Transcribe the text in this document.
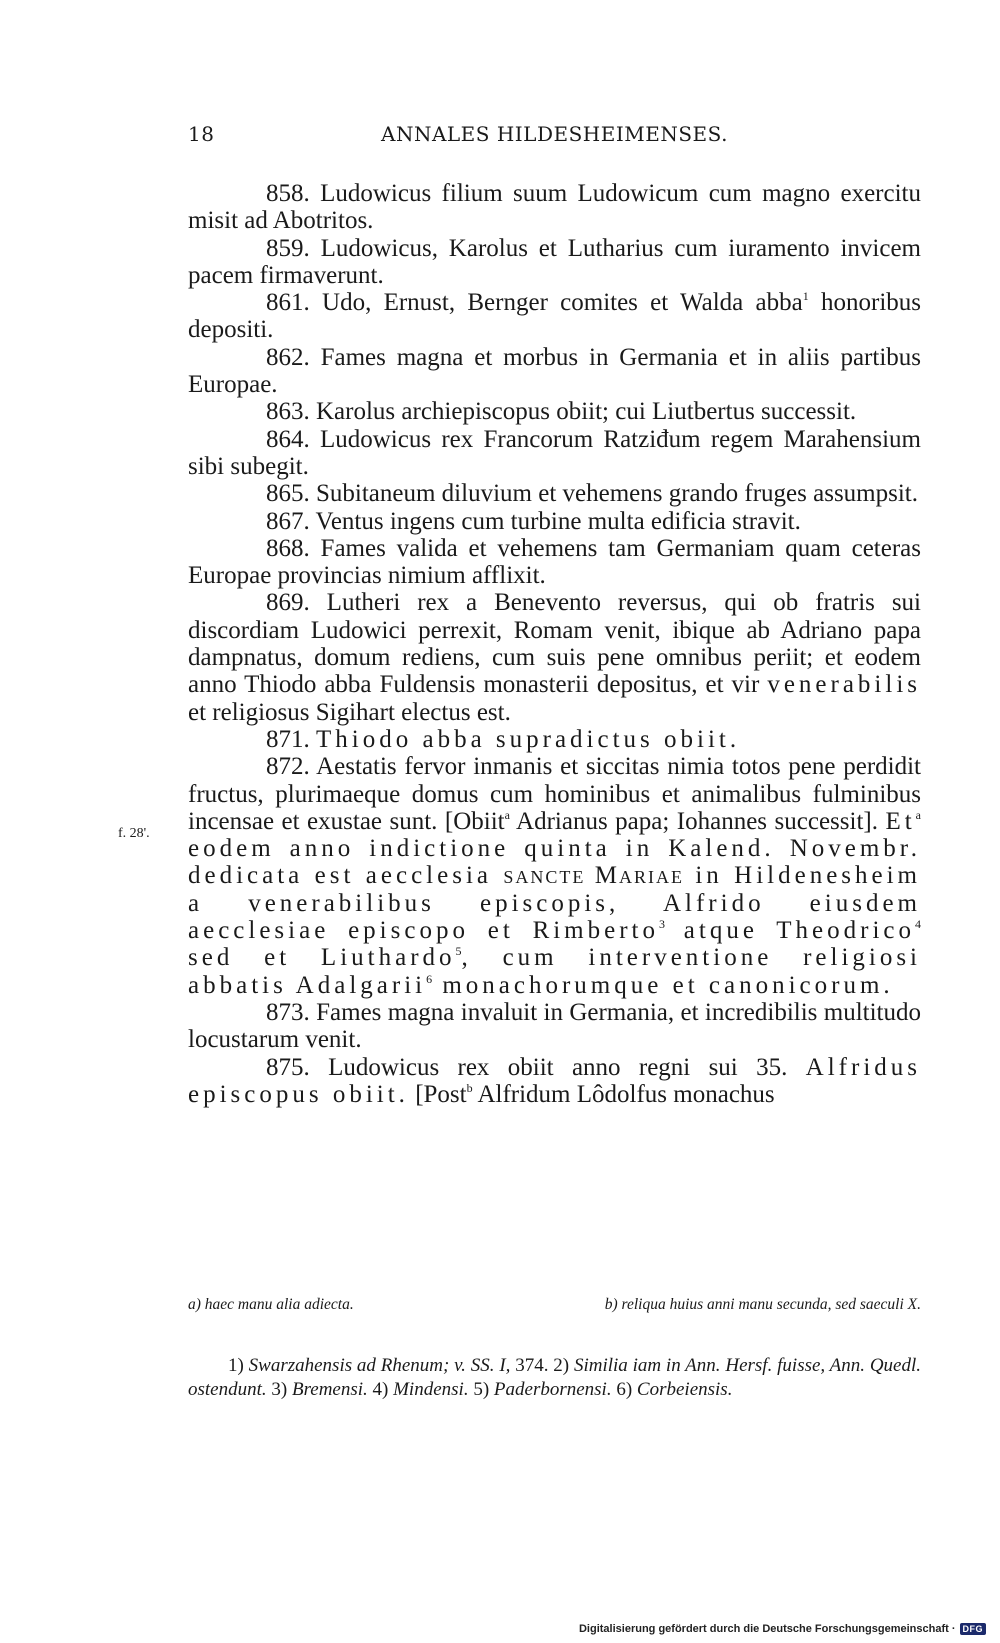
18	ANNALES HILDESHEIMENSES.
f. 28'.

858. Ludowicus filium suum Ludowicum cum magno exercitu misit ad Abotritos.

859. Ludowicus, Karolus et Lutharius cum iuramento invicem pacem firmaverunt.

861. Udo, Ernust, Bernger comites et Walda abba$^1$ honoribus depositi.

862. Fames magna et morbus in Germania et in aliis partibus Europae.

863. Karolus archiepiscopus obiit; cui Liutbertus successit.

864. Ludowicus rex Francorum Ratziđum regem Marahensium sibi subegit.

865. Subitaneum diluvium et vehemens grando fruges assumpsit.

867. Ventus ingens cum turbine multa edificia stravit.

868. Fames valida et vehemens tam Germaniam quam ceteras Europae provincias nimium afflixit.

869. Lutheri rex a Benevento reversus, qui ob fratris sui discordiam Ludowici perrexit, Romam venit, ibique ab Adriano papa dampnatus, domum rediens, cum suis pene omnibus periit; et eodem anno Thiodo abba Fuldensis monasterii depositus, et vir venerabilis et religiosus Sigihart electus est.

871. Thiodo abba supradictus obiit.

872. Aestatis fervor inmanis et siccitas nimia totos pene perdidit fructus, plurimaeque domus cum hominibus et animalibus fulminibus incensae et exustae sunt. [Obiit$^a$ Adrianus papa; Iohannes successit]. Et$^a$ eodem anno indictione quinta in Kalend. Novembr. dedicata est aecclesia sancte Mariae in Hildenesheim a venerabilibus episcopis, Alfrido eiusdem aecclesiae episcopo et Rimberto$^3$ atque Theodrico$^4$ sed et Liuthardo$^5$, cum interventione religiosi abbatis Adalgarii$^6$ monachorumque et canonicorum.

873. Fames magna invaluit in Germania, et incredibilis multitudo locustarum venit.

875. Ludowicus rex obiit anno regni sui 35. Alfridus episcopus obiit. [Post$^b$ Alfridum Lôdolfus monachus

a) haec manu alia adiecta.	b) reliqua huius anni manu secunda, sed saeculi X.

1) Swarzahensis ad Rhenum; v. SS. I, 374. 2) Similia iam in Ann. Hersf. fuisse, Ann. Quedl. ostendunt. 3) Bremensi. 4) Mindensi. 5) Paderbornensi. 6) Corbeiensis.

Digitalisierung gefördert durch die Deutsche Forschungsgemeinschaft · DFG
